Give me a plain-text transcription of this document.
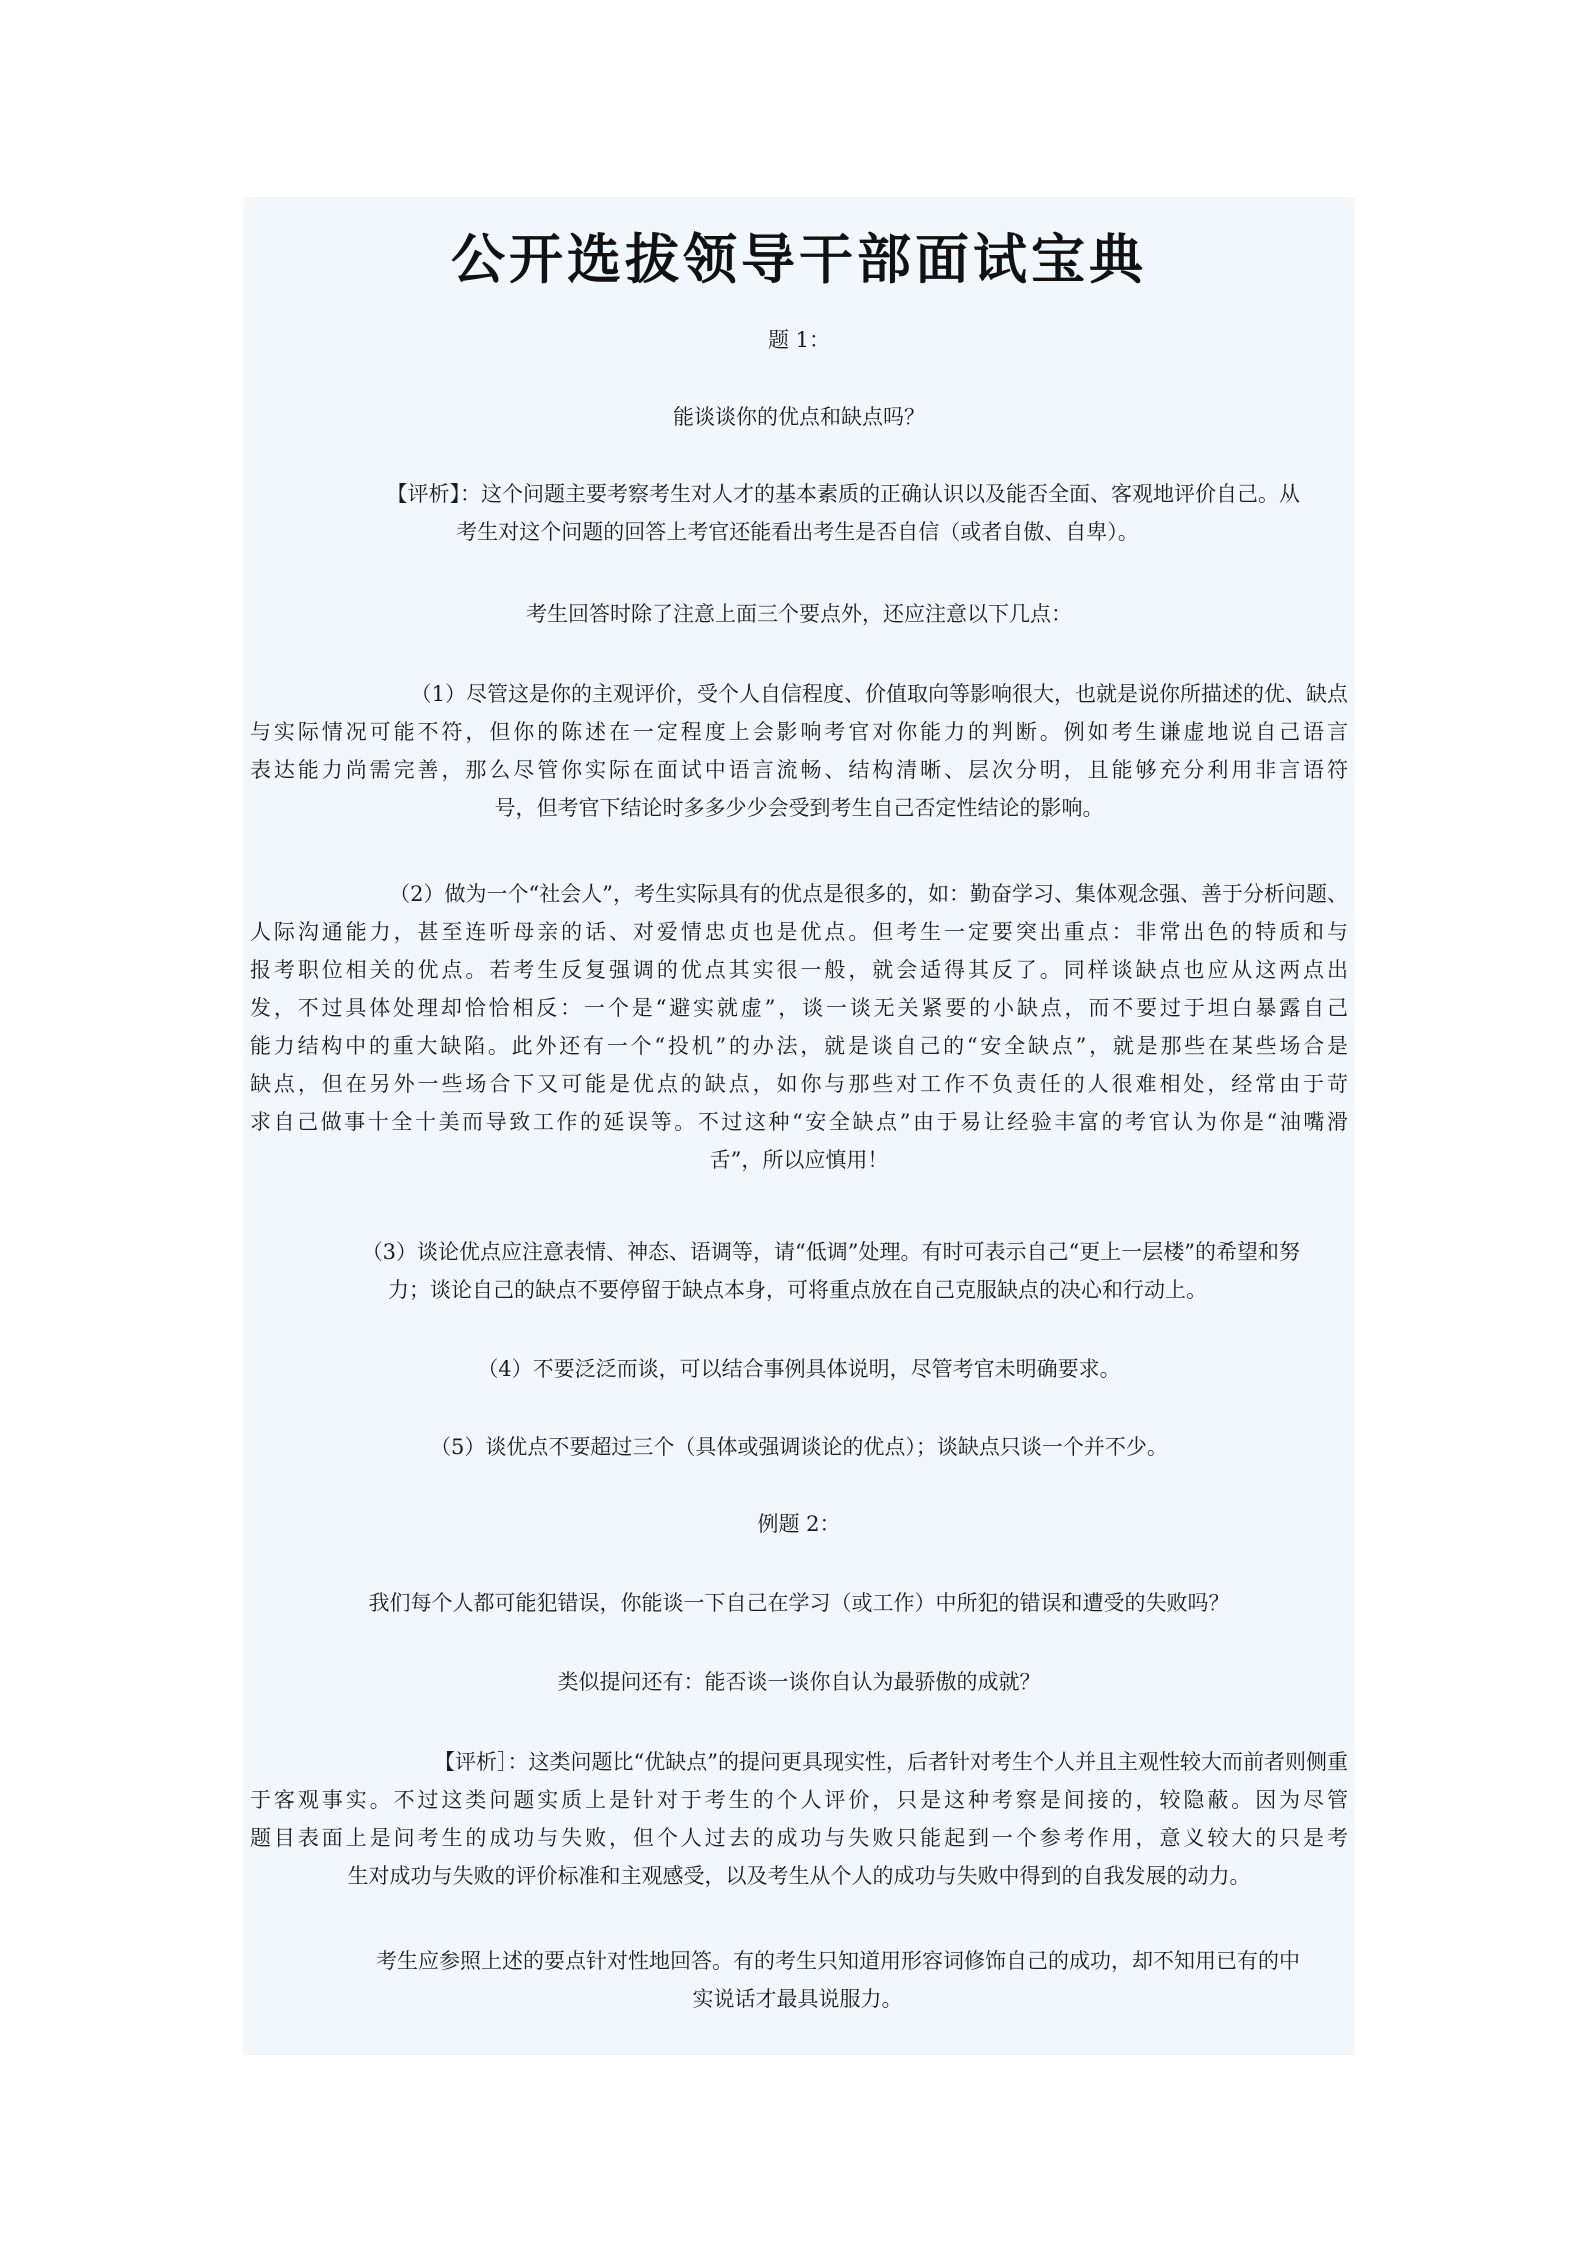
公开选拔领导干部面试宝典

题 1：

能谈谈你的优点和缺点吗？

【评析】：这个问题主要考察考生对人才的基本素质的正确认识以及能否全面、客观地评价自己。从
考生对这个问题的回答上考官还能看出考生是否自信（或者自傲、自卑）。

考生回答时除了注意上面三个要点外，还应注意以下几点：

（1）尽管这是你的主观评价，受个人自信程度、价值取向等影响很大，也就是说你所描述的优、缺点
与实际情况可能不符，但你的陈述在一定程度上会影响考官对你能力的判断。例如考生谦虚地说自己语言
表达能力尚需完善，那么尽管你实际在面试中语言流畅、结构清晰、层次分明，且能够充分利用非言语符
号，但考官下结论时多多少少会受到考生自己否定性结论的影响。
（2）做为一个“社会人”，考生实际具有的优点是很多的，如：勤奋学习、集体观念强、善于分析问题、
人际沟通能力，甚至连听母亲的话、对爱情忠贞也是优点。但考生一定要突出重点：非常出色的特质和与
报考职位相关的优点。若考生反复强调的优点其实很一般，就会适得其反了。同样谈缺点也应从这两点出
发，不过具体处理却恰恰相反：一个是“避实就虚”，谈一谈无关紧要的小缺点，而不要过于坦白暴露自己
能力结构中的重大缺陷。此外还有一个“投机”的办法，就是谈自己的“安全缺点”，就是那些在某些场合是
缺点，但在另外一些场合下又可能是优点的缺点，如你与那些对工作不负责任的人很难相处，经常由于苛
求自己做事十全十美而导致工作的延误等。不过这种“安全缺点”由于易让经验丰富的考官认为你是“油嘴滑
舌”，所以应慎用！
（3）谈论优点应注意表情、神态、语调等，请“低调”处理。有时可表示自己“更上一层楼”的希望和努
力；谈论自己的缺点不要停留于缺点本身，可将重点放在自己克服缺点的决心和行动上。

（4）不要泛泛而谈，可以结合事例具体说明，尽管考官未明确要求。

（5）谈优点不要超过三个（具体或强调谈论的优点）；谈缺点只谈一个并不少。

例题 2：

我们每个人都可能犯错误，你能谈一下自己在学习（或工作）中所犯的错误和遭受的失败吗？

类似提问还有：能否谈一谈你自认为最骄傲的成就？

【评析］：这类问题比“优缺点”的提问更具现实性，后者针对考生个人并且主观性较大而前者则侧重
于客观事实。不过这类问题实质上是针对于考生的个人评价，只是这种考察是间接的，较隐蔽。因为尽管
题目表面上是问考生的成功与失败，但个人过去的成功与失败只能起到一个参考作用，意义较大的只是考
生对成功与失败的评价标准和主观感受，以及考生从个人的成功与失败中得到的自我发展的动力。
考生应参照上述的要点针对性地回答。有的考生只知道用形容词修饰自己的成功，却不知用已有的中
实说话才最具说服力。
